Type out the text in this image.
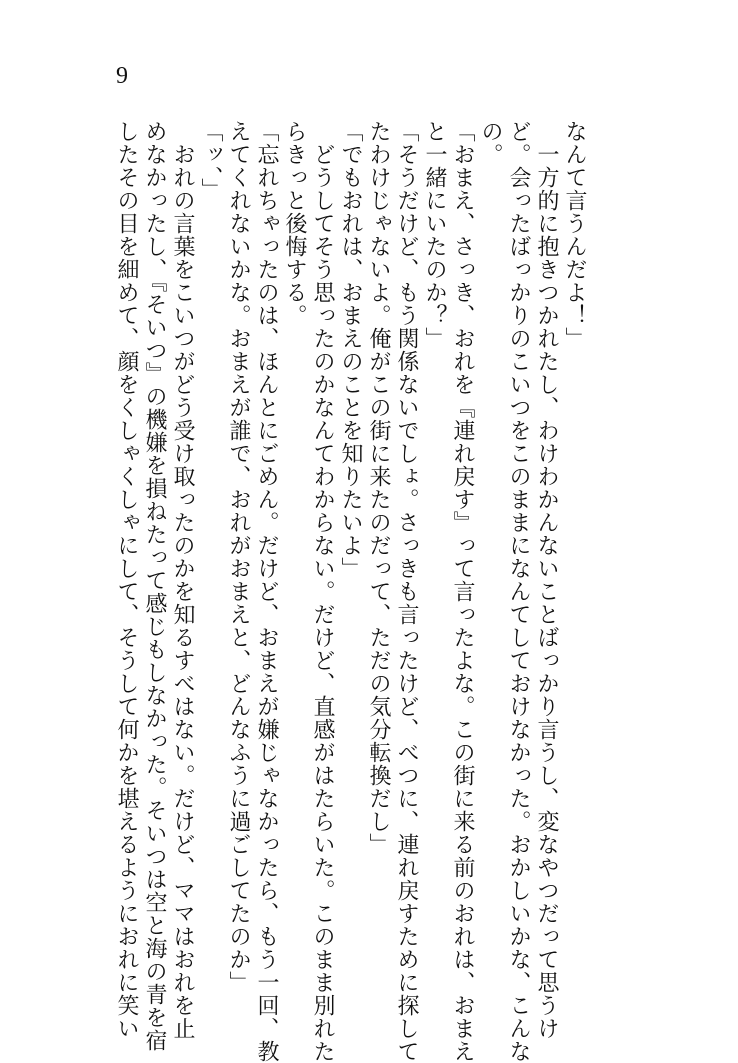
9
なんて言うんだよ！」
　一方的に抱きつかれたし、わけわかんないことばっかり言うし、変なやつだって思うけ
ど。会ったばっかりのこいつをこのままになんてしておけなかった。おかしいかな、こんな
の。
「おまえ、さっき、おれを『連れ戻す』って言ったよな。この街に来る前のおれは、おまえ
と一緒にいたのか？」
「そうだけど、もう関係ないでしょ。さっきも言ったけど、べつに、連れ戻すために探して
たわけじゃないよ。俺がこの街に来たのだって、ただの気分転換だし」
「でもおれは、おまえのことを知りたいよ」
　どうしてそう思ったのかなんてわからない。だけど、直感がはたらいた。このまま別れた
らきっと後悔する。
「忘れちゃったのは、ほんとにごめん。だけど、おまえが嫌じゃなかったら、もう一回、教
えてくれないかな。おまえが誰で、おれがおまえと、どんなふうに過ごしてたのか」
「ッ、」
　おれの言葉をこいつがどう受け取ったのかを知るすべはない。だけど、ママはおれを止
めなかったし、『そいつ』の機嫌を損ねたって感じもしなかった。そいつは空と海の青を宿
したその目を細めて、顔をくしゃくしゃにして、そうして何かを堪えるようにおれに笑い
